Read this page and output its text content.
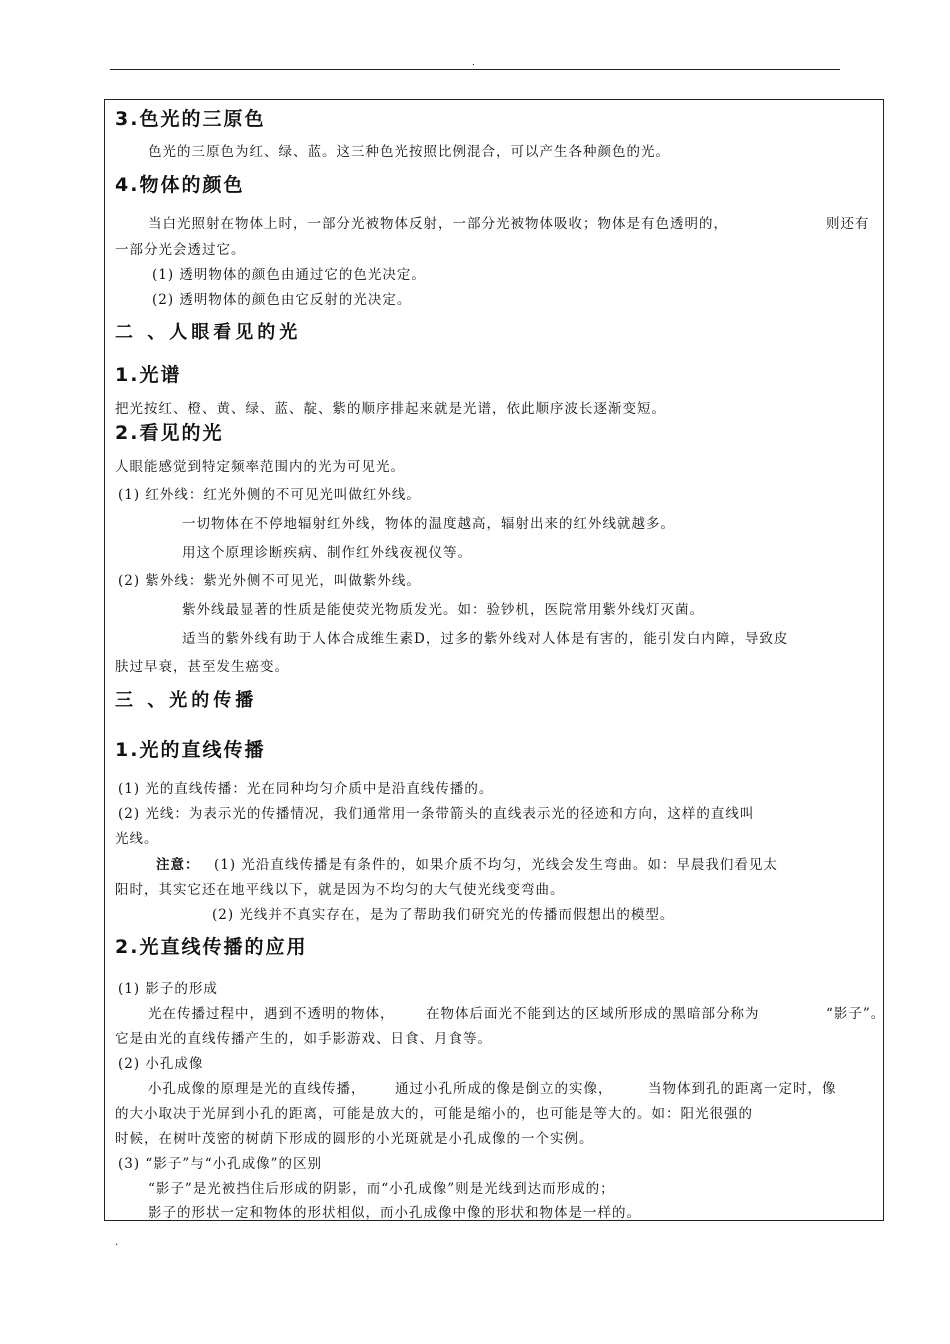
.
3.色光的三原色
色光的三原色为红、绿、蓝。这三种色光按照比例混合，可以产生各种颜色的光。
4.物体的颜色
当白光照射在物体上时，一部分光被物体反射，一部分光被物体吸收；物体是有色透明的，	则还有
一部分光会透过它。
(1) 透明物体的颜色由通过它的色光决定。
(2) 透明物体的颜色由它反射的光决定。
二 、人眼看见的光
1.光谱
把光按红、橙、黄、绿、蓝、靛、紫的顺序排起来就是光谱，依此顺序波长逐渐变短。
2.看见的光
人眼能感觉到特定频率范围内的光为可见光。
(1) 红外线：红光外侧的不可见光叫做红外线。
一切物体在不停地辐射红外线，物体的温度越高，辐射出来的红外线就越多。
用这个原理诊断疾病、制作红外线夜视仪等。
(2) 紫外线：紫光外侧不可见光，叫做紫外线。
紫外线最显著的性质是能使荧光物质发光。如：验钞机，医院常用紫外线灯灭菌。
适当的紫外线有助于人体合成维生素D，过多的紫外线对人体是有害的，能引发白内障，导致皮
肤过早衰，甚至发生癌变。
三 、光的传播
1.光的直线传播
(1) 光的直线传播：光在同种均匀介质中是沿直线传播的。
(2) 光线：为表示光的传播情况，我们通常用一条带箭头的直线表示光的径迹和方向，这样的直线叫
光线。
注意： (1) 光沿直线传播是有条件的，如果介质不均匀，光线会发生弯曲。如：早晨我们看见太
阳时，其实它还在地平线以下，就是因为不均匀的大气使光线变弯曲。
(2) 光线并不真实存在，是为了帮助我们研究光的传播而假想出的模型。
2.光直线传播的应用
(1) 影子的形成
光在传播过程中，遇到不透明的物体， 在物体后面光不能到达的区域所形成的黑暗部分称为	“影子”。
它是由光的直线传播产生的，如手影游戏、日食、月食等。
(2) 小孔成像
小孔成像的原理是光的直线传播， 通过小孔所成的像是倒立的实像，	当物体到孔的距离一定时，像
的大小取决于光屏到小孔的距离，可能是放大的，可能是缩小的，也可能是等大的。如：阳光很强的
时候，在树叶茂密的树荫下形成的圆形的小光斑就是小孔成像的一个实例。
(3) “影子”与“小孔成像”的区别
“影子”是光被挡住后形成的阴影，而“小孔成像”则是光线到达而形成的；
影子的形状一定和物体的形状相似，而小孔成像中像的形状和物体是一样的。
.
